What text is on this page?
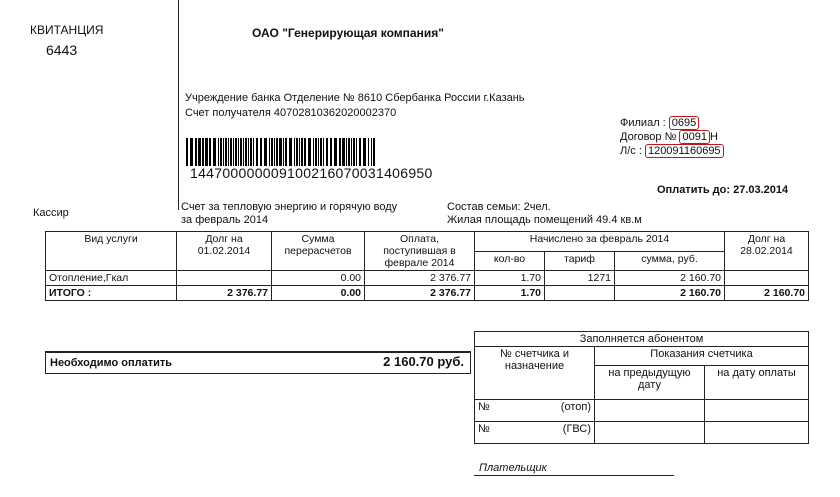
КВИТАНЦИЯ
6443
ОАО "Генерирующая компания"
Учреждение банка Отделение № 8610 Сбербанка России г.Казань
Счет получателя 40702810362020002370
144700000009100216070031406950
Филиал : 0695
Договор № 0091 Н
Л/с : 120091160695
Оплатить до: 27.03.2014
Кассир	Счет за тепловую энергию и горячую воду
за февраль 2014
Состав семьи: 2чел.
Жилая площадь помещений 49.4 кв.м
Вид услуги	Долг на 01.02.2014	Сумма перерасчетов	Оплата, поступившая в феврале 2014	Начислено за февраль 2014			Долг на 28.02.2014
				кол-во	тариф	сумма, руб.	
Отопление,Гкал		0.00	2 376.77	1.70	1271	2 160.70	
ИТОГО :	2 376.77	0.00	2 376.77	1.70		2 160.70	2 160.70
Необходимо оплатить	2 160.70 руб.
Заполняется абонентом		
№ счетчика и назначение	Показания счетчика	
	на предыдущую дату	на дату оплаты

№ (отоп)		

№ (ГВС)		

Плательщик
